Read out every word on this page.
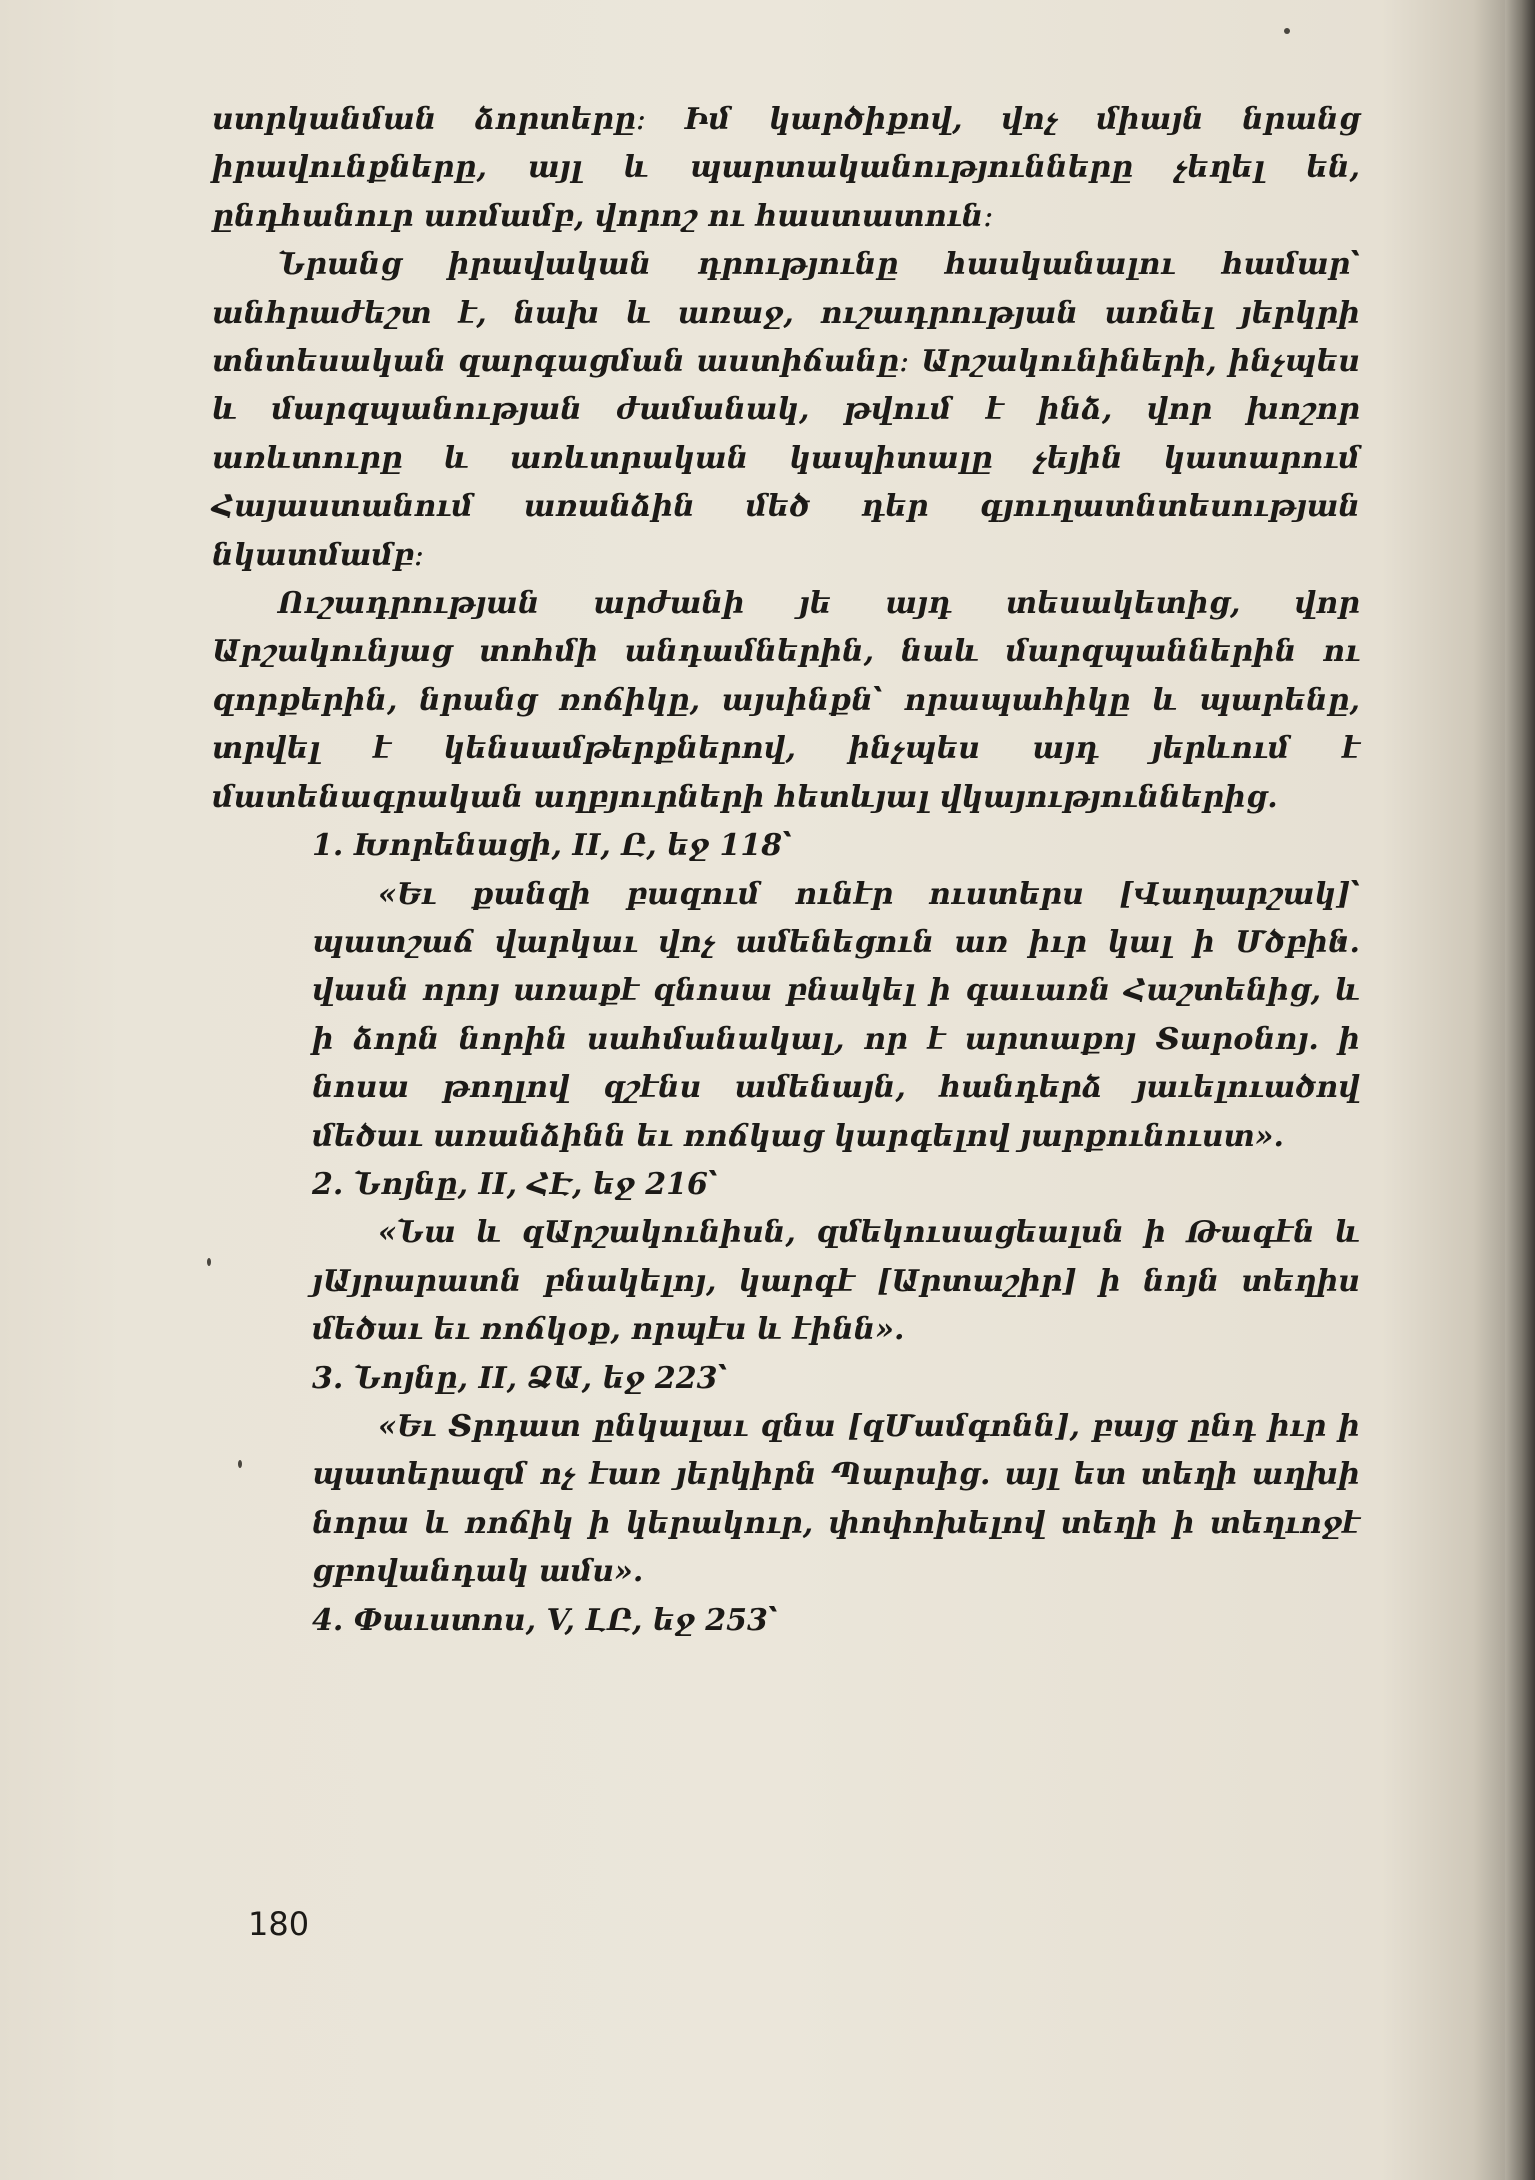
ստրկանման ձորտերը։ Իմ կարծիքով, վոչ միայն նրանց իրավունքները, այլ և պարտականությունները չեղել են, ընդհանուր առմամբ, վորոշ ու հաստատուն։

Նրանց իրավական դրությունը հասկանալու համար՝ անհրաժեշտ է, նախ և առաջ, ուշադրության առնել յերկրի տնտեսական զարգացման աստիճանը։ Արշակունիների, ինչպես և մարզպանության ժամանակ, թվում է ինձ, վոր խոշոր առևտուրը և առևտրական կապիտալը չեյին կատարում Հայաստանում առանձին մեծ դեր գյուղատնտեսության նկատմամբ։

Ուշադրության արժանի յե այդ տեսակետից, վոր Արշակունյաց տոհմի անդամներին, նաև մարզպաններին ու զորքերին, նրանց ռոճիկը, այսինքն՝ որապահիկը և պարենը, տրվել է կենսամթերքներով, ինչպես այդ յերևում է մատենագրական աղբյուրների հետևյալ վկայություններից.

1. Խորենացի, II, Ը, եջ 118՝

«Եւ քանզի բազում ունէր ուստերս [Վաղարշակ]՝ պատշաճ վարկաւ վոչ ամենեցուն առ իւր կալ ի Մծբին. վասն որոյ առաքէ զնոսա բնակել ի գաւառն Հաշտենից, և ի ձորն նորին սահմանակալ, որ է արտաքոյ Տարօնոյ. ի նոսա թողլով զշէնս ամենայն, հանդերձ յաւելուածով մեծաւ առանձինն եւ ռոճկաց կարգելով յարքունուստ».

2. Նոյնը, II, ՀԷ, եջ 216՝

«Նա և զԱրշակունիսն, զմեկուսացեալսն ի Թագէն և յԱյրարատն բնակելոյ, կարգէ [Արտաշիր] ի նոյն տեղիս մեծաւ եւ ռոճկօք, որպէս և էինն».

3. Նոյնը, II, ՁԱ, եջ 223՝

«Եւ Տրդատ ընկալաւ զնա [զՄամգոնն], բայց ընդ իւր ի պատերազմ ոչ էառ յերկիրն Պարսից. այլ ետ տեղի աղխի նորա և ռոճիկ ի կերակուր, փոփոխելով տեղի ի տեղւոջէ ցբովանդակ ամս».

4. Փաւստոս, V, ԼԸ, եջ 253՝

180
